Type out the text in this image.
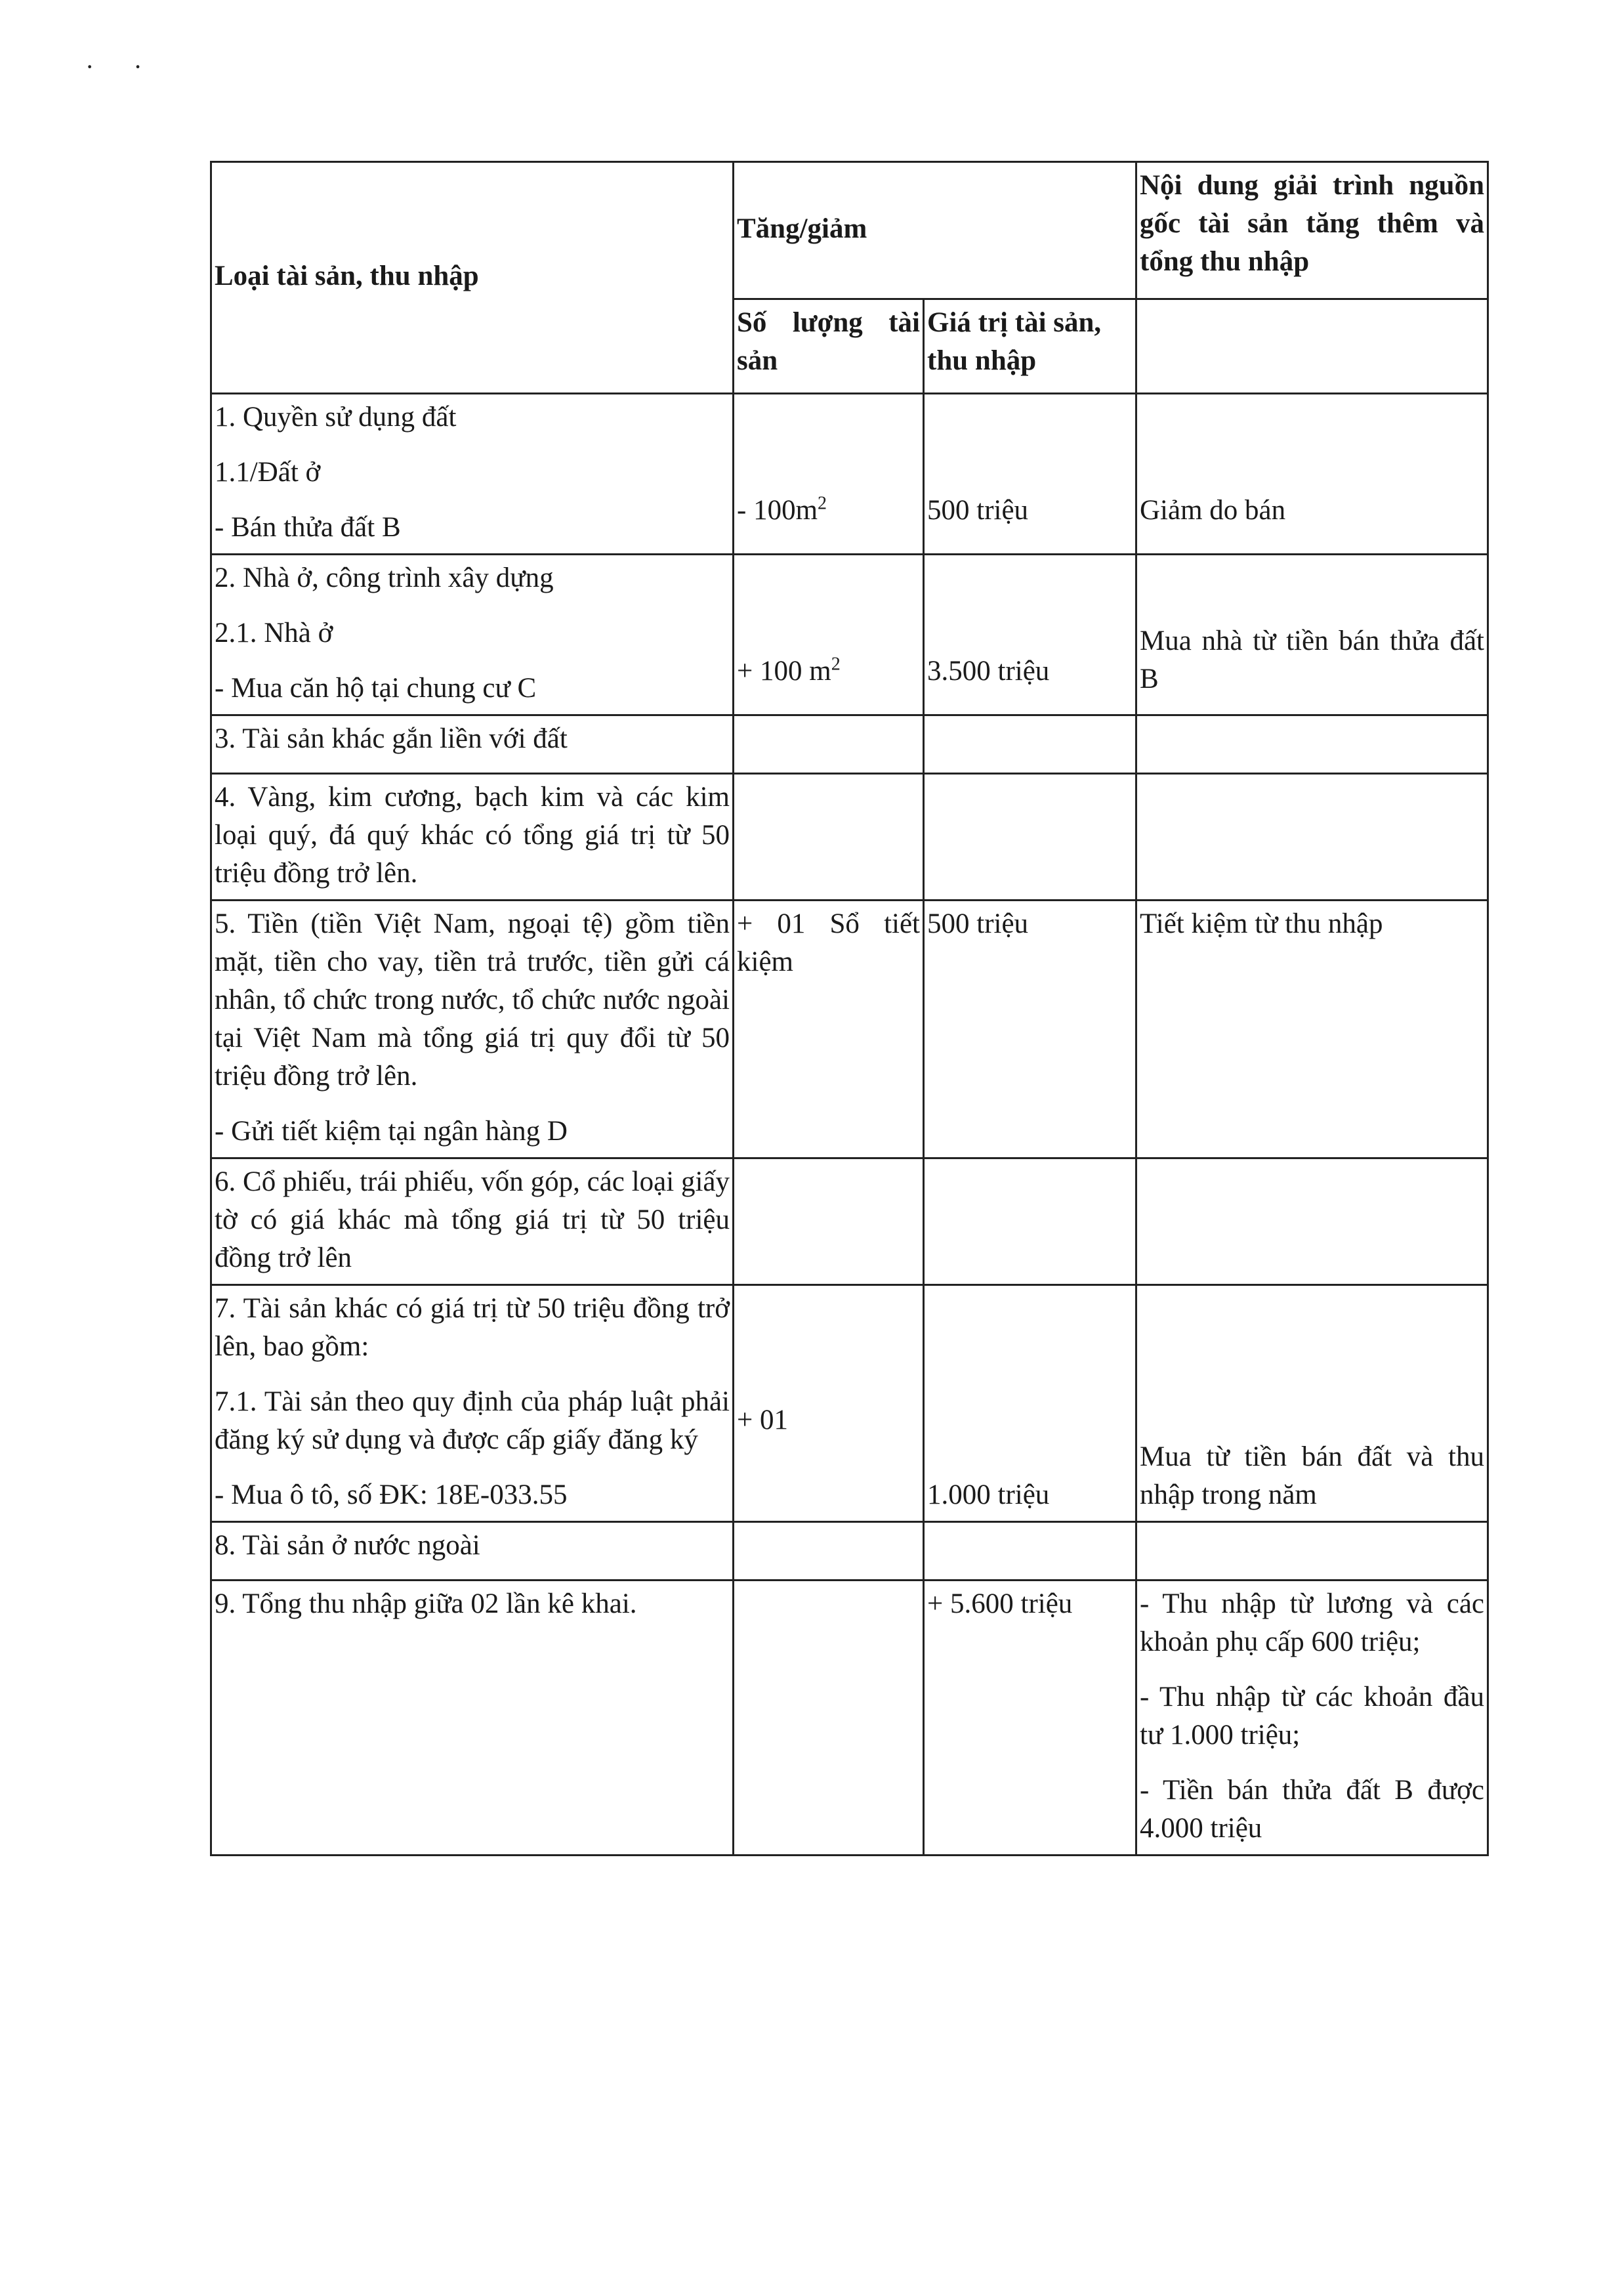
··
Loại tài sản, thu nhập	Tăng/giảm		Nội dung giải trình nguồn gốc tài sản tăng thêm và tổng thu nhập
	Số lượng tài sản	Giá trị tài sản, thu nhập	

1. Quyền sử dụng đất
1.1/Đất ở
- Bán thửa đất B	- $100m^2$	500 triệu	Giảm do bán

2. Nhà ở, công trình xây dựng
2.1. Nhà ở
- Mua căn hộ tại chung cư C	+ 100 $m^2$	3.500 triệu	Mua nhà từ tiền bán thửa đất B
3. Tài sản khác gắn liền với đất			
4. Vàng, kim cương, bạch kim và các kim loại quý, đá quý khác có tổng giá trị từ 50 triệu đồng trở lên.			

5. Tiền (tiền Việt Nam, ngoại tệ) gồm tiền mặt, tiền cho vay, tiền trả trước, tiền gửi cá nhân, tổ chức trong nước, tổ chức nước ngoài tại Việt Nam mà tổng giá trị quy đổi từ 50 triệu đồng trở lên.
- Gửi tiết kiệm tại ngân hàng D	+ 01 Sổ tiết kiệm	500 triệu	Tiết kiệm từ thu nhập
6. Cổ phiếu, trái phiếu, vốn góp, các loại giấy tờ có giá khác mà tổng giá trị từ 50 triệu đồng trở lên			

7. Tài sản khác có giá trị từ 50 triệu đồng trở lên, bao gồm:
7.1. Tài sản theo quy định của pháp luật phải đăng ký sử dụng và được cấp giấy đăng ký
- Mua ô tô, số ĐK: 18E-033.55	+ 01	1.000 triệu	Mua từ tiền bán đất và thu nhập trong năm
8. Tài sản ở nước ngoài			
9. Tổng thu nhập giữa 02 lần kê khai.		+ 5.600 triệu	- Thu nhập từ lương và các khoản phụ cấp 600 triệu;
- Thu nhập từ các khoản đầu tư 1.000 triệu;
- Tiền bán thửa đất B được 4.000 triệu
